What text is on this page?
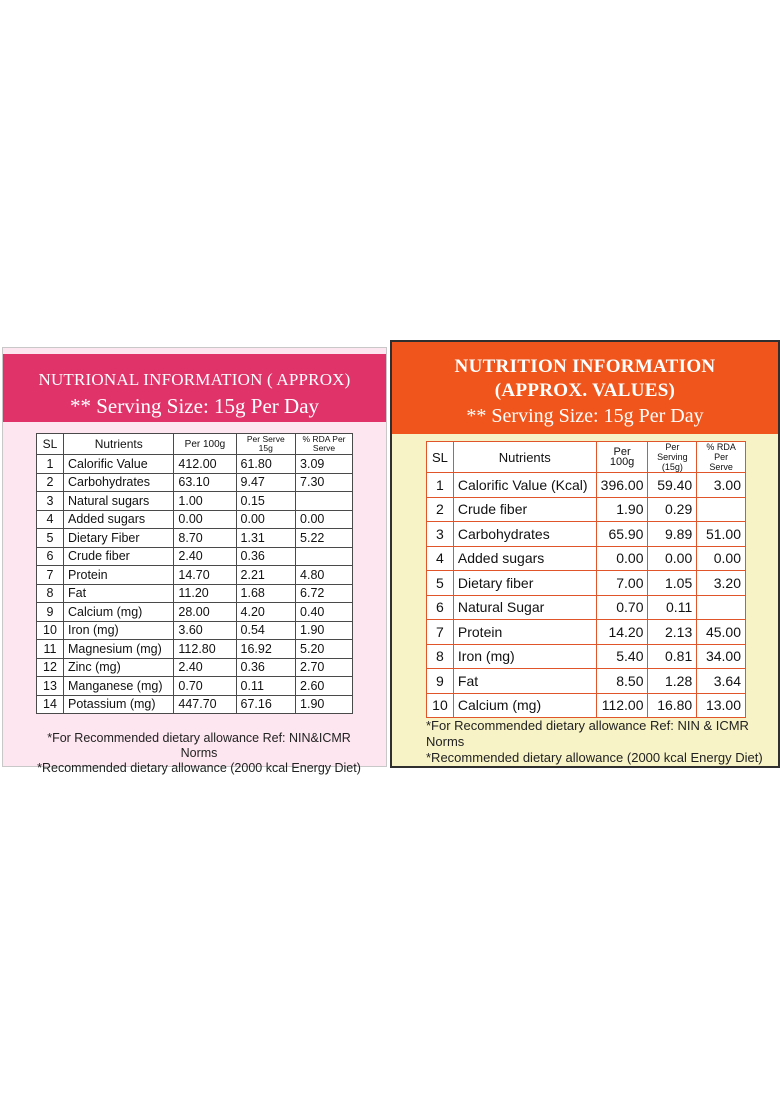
NUTRIONAL INFORMATION ( APPROX)
** Serving Size: 15g Per Day
SL	Nutrients	Per 100g	Per Serve 15g	% RDA Per Serve
1	Calorific Value	412.00	61.80	3.09
2	Carbohydrates	63.10	9.47	7.30
3	Natural sugars	1.00	0.15	
4	Added sugars	0.00	0.00	0.00
5	Dietary Fiber	8.70	1.31	5.22
6	Crude fiber	2.40	0.36	
7	Protein	14.70	2.21	4.80
8	Fat	11.20	1.68	6.72
9	Calcium (mg)	28.00	4.20	0.40
10	Iron (mg)	3.60	0.54	1.90
11	Magnesium (mg)	112.80	16.92	5.20
12	Zinc (mg)	2.40	0.36	2.70
13	Manganese (mg)	0.70	0.11	2.60
14	Potassium (mg)	447.70	67.16	1.90
*For Recommended dietary allowance Ref: NIN&ICMR Norms
*Recommended dietary allowance (2000 kcal Energy Diet)
NUTRITION INFORMATION
(APPROX. VALUES)
** Serving Size: 15g Per Day
SL	Nutrients	Per 100g	Per Serving (15g)	% RDA Per Serve
1	Calorific Value (Kcal)	396.00	59.40	3.00
2	Crude fiber	1.90	0.29	
3	Carbohydrates	65.90	9.89	51.00
4	Added sugars	0.00	0.00	0.00
5	Dietary fiber	7.00	1.05	3.20
6	Natural Sugar	0.70	0.11	
7	Protein	14.20	2.13	45.00
8	Iron (mg)	5.40	0.81	34.00
9	Fat	8.50	1.28	3.64
10	Calcium (mg)	112.00	16.80	13.00
*For Recommended dietary allowance Ref: NIN & ICMR Norms
*Recommended dietary allowance (2000 kcal Energy Diet)
